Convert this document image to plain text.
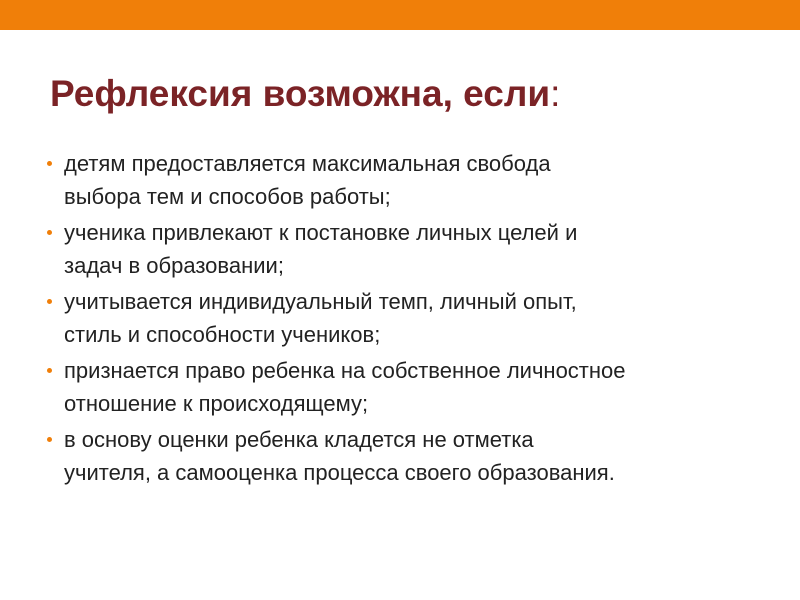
Рефлексия возможна, если:
детям предоставляется максимальная свобода
выбора тем и способов работы;
ученика привлекают к постановке личных целей и
задач в образовании;
учитывается индивидуальный темп, личный опыт,
стиль и способности учеников;
признается право ребенка на собственное личностное
отношение к происходящему;
в основу оценки ребенка кладется не отметка
учителя, а самооценка процесса своего образования.
